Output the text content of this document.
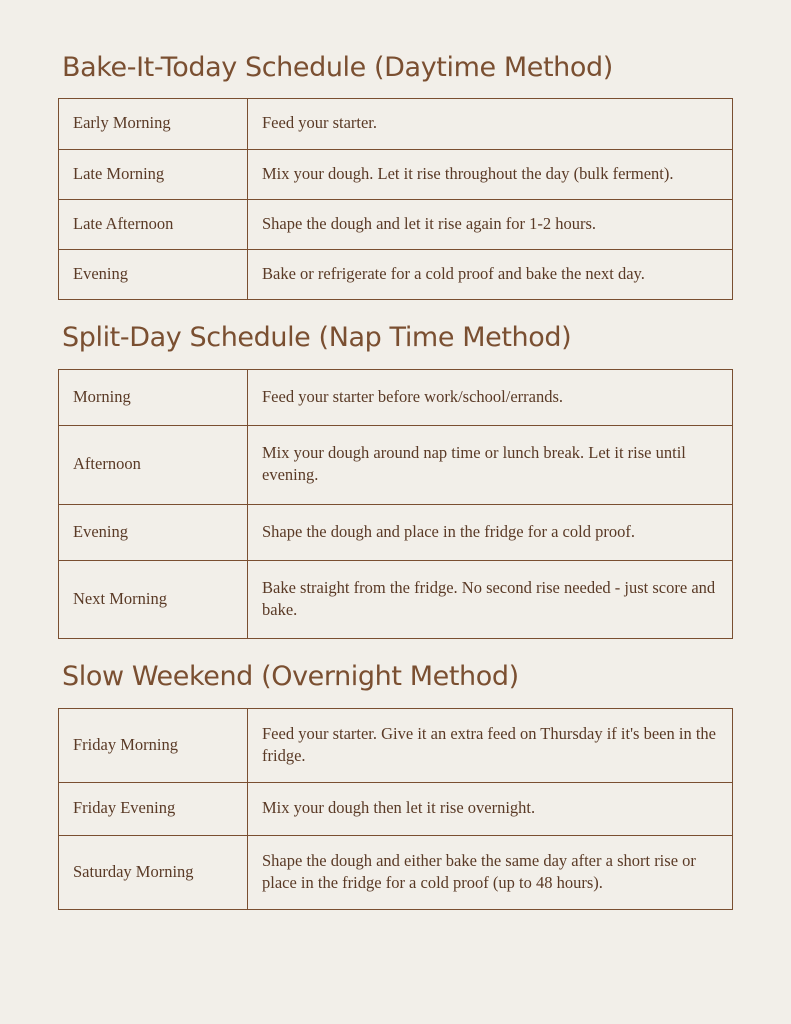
Bake-It-Today Schedule (Daytime Method)
Early Morning	Feed your starter.
Late Morning	Mix your dough. Let it rise throughout the day (bulk ferment).
Late Afternoon	Shape the dough and let it rise again for 1-2 hours.
Evening	Bake or refrigerate for a cold proof and bake the next day.
Split-Day Schedule (Nap Time Method)
Morning	Feed your starter before work/school/errands.
Afternoon	Mix your dough around nap time or lunch break. Let it rise until evening.
Evening	Shape the dough and place in the fridge for a cold proof.
Next Morning	Bake straight from the fridge. No second rise needed - just score and bake.
Slow Weekend (Overnight Method)
Friday Morning	Feed your starter. Give it an extra feed on Thursday if it's been in the fridge.
Friday Evening	Mix your dough then let it rise overnight.
Saturday Morning	Shape the dough and either bake the same day after a short rise or place in the fridge for a cold proof (up to 48 hours).
